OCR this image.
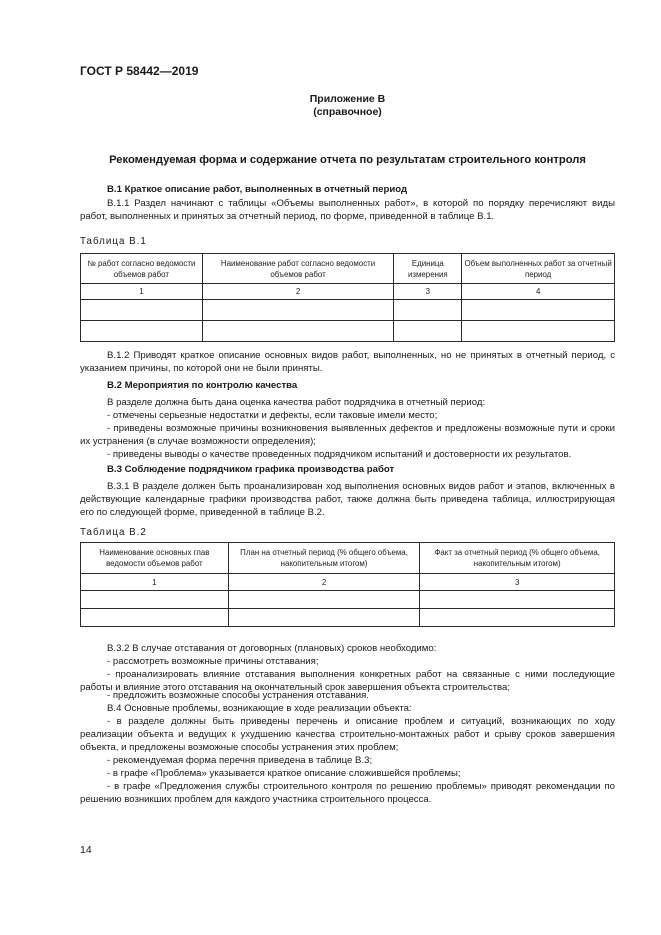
ГОСТ Р 58442—2019
Приложение В
(справочное)
Рекомендуемая форма и содержание отчета по результатам строительного контроля

В.1 Краткое описание работ, выполненных в отчетный период

В.1.1 Раздел начинают с таблицы «Объемы выполненных работ», в которой по порядку перечисляют виды работ, выполненных и принятых за отчетный период, по форме, приведенной в таблице В.1.

Таблица В.1
№ работ согласно ведомости объемов работ	Наименование работ согласно ведомости объемов работ	Единица измерения	Объем выполненных работ за отчетный период
1	2	3	4

В.1.2 Приводят краткое описание основных видов работ, выполненных, но не принятых в отчетный период, с указанием причины, по которой они не были приняты.

В.2 Мероприятия по контролю качества

В разделе должна быть дана оценка качества работ подрядчика в отчетный период:

- отмечены серьезные недостатки и дефекты, если таковые имели место;

- приведены возможные причины возникновения выявленных дефектов и предложены возможные пути и сроки их устранения (в случае возможности определения);

- приведены выводы о качестве проведенных подрядчиком испытаний и достоверности их результатов.

В.3 Соблюдение подрядчиком графика производства работ

В.3.1 В разделе должен быть проанализирован ход выполнения основных видов работ и этапов, включенных в действующие календарные графики производства работ, также должна быть приведена таблица, иллюстрирующая его по следующей форме, приведенной в таблице В.2.

Таблица В.2
Наименование основных глав ведомости объемов работ	План на отчетный период (% общего объема, накопительным итогом)	Факт за отчетный период (% общего объема, накопительным итогом)
1	2	3

В.3.2 В случае отставания от договорных (плановых) сроков необходимо:

- рассмотреть возможные причины отставания;

- проанализировать влияние отставания выполнения конкретных работ на связанные с ними последующие работы и влияние этого отставания на окончательный срок завершения объекта строительства;

- предложить возможные способы устранения отставания.

В.4 Основные проблемы, возникающие в ходе реализации объекта:

- в разделе должны быть приведены перечень и описание проблем и ситуаций, возникающих по ходу реализации объекта и ведущих к ухудшению качества строительно-монтажных работ и срыву сроков завершения объекта, и предложены возможные способы устранения этих проблем;

- рекомендуемая форма перечня приведена в таблице В.3;

- в графе «Проблема» указывается краткое описание сложившейся проблемы;

- в графе «Предложения службы строительного контроля по решению проблемы» приводят рекомендации по решению возникших проблем для каждого участника строительного процесса.

14
